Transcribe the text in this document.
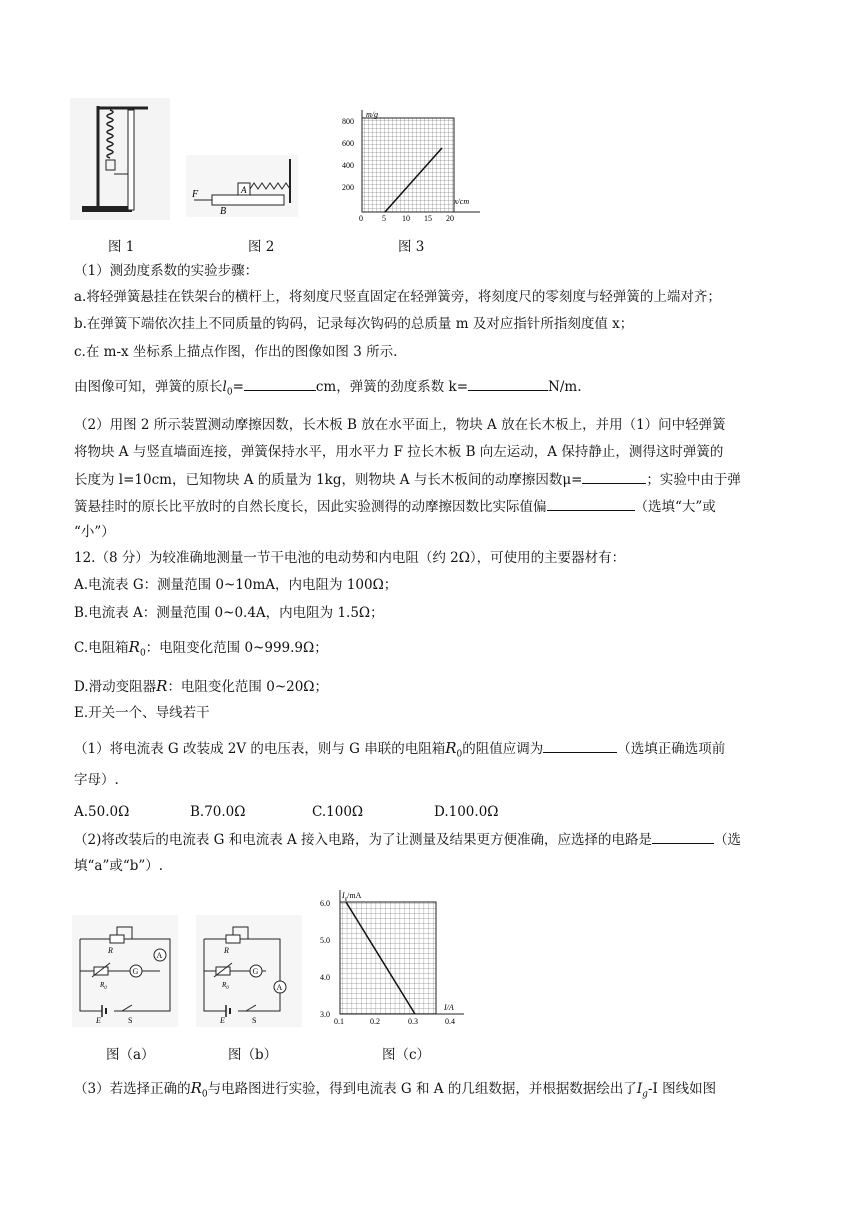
A
B
F
m/g
x/cm
800
600
400
200
0 5 10 15 20
图 1	图 2	图 3
（1）测劲度系数的实验步骤：
a.将轻弹簧悬挂在铁架台的横杆上，将刻度尺竖直固定在轻弹簧旁，将刻度尺的零刻度与轻弹簧的上端对齐；
b.在弹簧下端依次挂上不同质量的钩码，记录每次钩码的总质量 m 及对应指针所指刻度值 x；
c.在 m-x 坐标系上描点作图，作出的图像如图 3 所示.
由图像可知，弹簧的原长$l_0=$	cm，弹簧的劲度系数 k=	N/m.
（2）用图 2 所示装置测动摩擦因数，长木板 B 放在水平面上，物块 A 放在长木板上，并用（1）问中轻弹簧
将物块 A 与竖直墙面连接，弹簧保持水平，用水平力 F 拉长木板 B 向左运动，A 保持静止，测得这时弹簧的
长度为 l=10cm，已知物块 A 的质量为 1kg，则物块 A 与长木板间的动摩擦因数μ=	；实验中由于弹
簧悬挂时的原长比平放时的自然长度长，因此实验测得的动摩擦因数比实际值偏	（选填“大”或
“小”）
12.（8 分）为较准确地测量一节干电池的电动势和内电阻（约 2Ω），可使用的主要器材有：
A.电流表 G：测量范围 0~10mA，内电阻为 100Ω；
B.电流表 A：测量范围 0~0.4A，内电阻为 1.5Ω；
C.电阻箱$R_0$：电阻变化范围 0~999.9Ω；
D.滑动变阻器R：电阻变化范围 0~20Ω；
E.开关一个、导线若干
（1）将电流表 G 改装成 2V 的电压表，则与 G 串联的电阻箱$R_0$的阻值应调为	（选填正确选项前
字母）.
A.50.0Ω	B.70.0Ω	C.100Ω	D.100.0Ω
（2)将改装后的电流表 G 和电流表 A 接入电路，为了让测量及结果更方便准确，应选择的电路是	（选
填“a”或“b”）.
E	S
R
$R_0$
G
A
E	S
R
$R_0$
G
A
$I_g/mA$
I/A
6.0
5.0
4.0
3.0
0.1	0.2	0.3	0.4
图（a）	图（b）	图（c）
（3）若选择正确的$R_0$与电路图进行实验，得到电流表 G 和 A 的几组数据，并根据数据绘出了$I_g-I$ 图线如图
